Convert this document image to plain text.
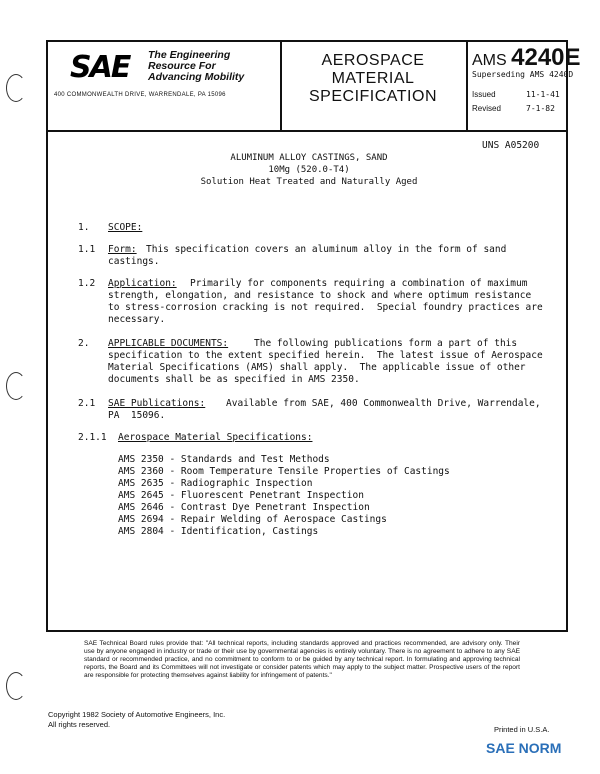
SAE The Engineering
Resource For
Advancing Mobility
400 COMMONWEALTH DRIVE, WARRENDALE, PA 15096
AEROSPACE
MATERIAL
SPECIFICATION
AMS 4240E
Superseding AMS 4240D
Issued	11-1-41
Revised	7-1-82
UNS A05200
ALUMINUM ALLOY CASTINGS, SAND
10Mg (520.0-T4)
Solution Heat Treated and Naturally Aged
1. SCOPE:
1.1 Form: This specification covers an aluminum alloy in the form of sand
castings.
1.2 Application: Primarily for components requiring a combination of maximum
strength, elongation, and resistance to shock and where optimum resistance
to stress-corrosion cracking is not required.  Special foundry practices are
necessary.
2. APPLICABLE DOCUMENTS:	The following publications form a part of this
specification to the extent specified herein.  The latest issue of Aerospace
Material Specifications (AMS) shall apply.  The applicable issue of other
documents shall be as specified in AMS 2350.
2.1 SAE Publications: Available from SAE, 400 Commonwealth Drive, Warrendale,
PA  15096.
2.1.1 Aerospace Material Specifications:
AMS 2350 - Standards and Test Methods
AMS 2360 - Room Temperature Tensile Properties of Castings
AMS 2635 - Radiographic Inspection
AMS 2645 - Fluorescent Penetrant Inspection
AMS 2646 - Contrast Dye Penetrant Inspection
AMS 2694 - Repair Welding of Aerospace Castings
AMS 2804 - Identification, Castings
SAE Technical Board rules provide that: "All technical reports, including standards approved and practices recommended, are advisory only. Their use by anyone engaged in industry or trade or their use by governmental agencies is entirely voluntary. There is no agreement to adhere to any SAE standard or recommended practice, and no commitment to conform to or be guided by any technical report. In formulating and approving technical reports, the Board and its Committees will not investigate or consider patents which may apply to the subject matter. Prospective users of the report are responsible for protecting themselves against liability for infringement of patents."
Copyright 1982 Society of Automotive Engineers, Inc.
All rights reserved.
Printed in U.S.A.
SAE NORM
